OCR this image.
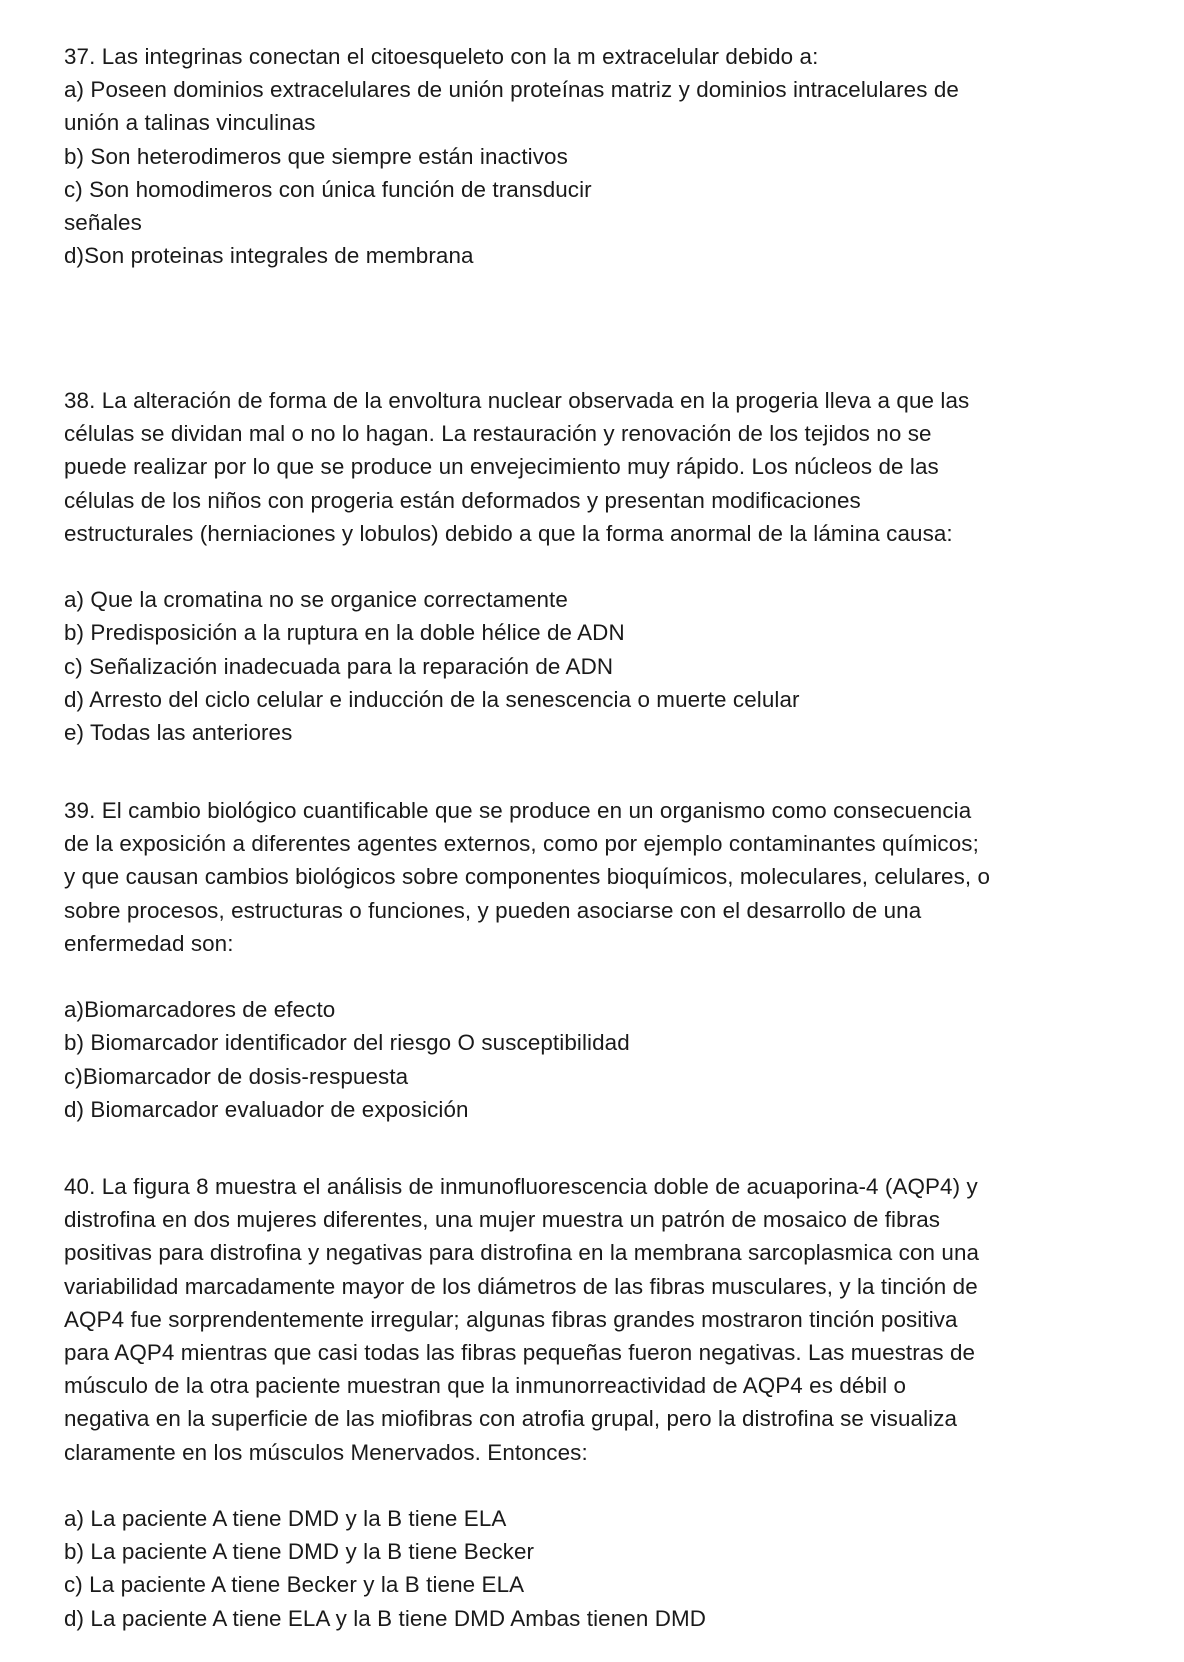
37. Las integrinas conectan el citoesqueleto con la m extracelular debido a:
a) Poseen dominios extracelulares de unión proteínas matriz y dominios intracelulares de
unión a talinas vinculinas
b) Son heterodimeros que siempre están inactivos
c) Son homodimeros con única función de transducir
señales
d)Son proteinas integrales de membrana
38. La alteración de forma de la envoltura nuclear observada en la progeria lleva a que las
células se dividan mal o no lo hagan. La restauración y renovación de los tejidos no se
puede realizar por lo que se produce un envejecimiento muy rápido. Los núcleos de las
células de los niños con progeria están deformados y presentan modificaciones
estructurales (herniaciones y lobulos) debido a que la forma anormal de la lámina causa:
a) Que la cromatina no se organice correctamente
b) Predisposición a la ruptura en la doble hélice de ADN
c) Señalización inadecuada para la reparación de ADN
d) Arresto del ciclo celular e inducción de la senescencia o muerte celular
e) Todas las anteriores
39. El cambio biológico cuantificable que se produce en un organismo como consecuencia
de la exposición a diferentes agentes externos, como por ejemplo contaminantes químicos;
y que causan cambios biológicos sobre componentes bioquímicos, moleculares, celulares, o
sobre procesos, estructuras o funciones, y pueden asociarse con el desarrollo de una
enfermedad son:
a)Biomarcadores de efecto
b) Biomarcador identificador del riesgo O susceptibilidad
c)Biomarcador de dosis-respuesta
d) Biomarcador evaluador de exposición
40. La figura 8 muestra el análisis de inmunofluorescencia doble de acuaporina-4 (AQP4) y
distrofina en dos mujeres diferentes, una mujer muestra un patrón de mosaico de fibras
positivas para distrofina y negativas para distrofina en la membrana sarcoplasmica con una
variabilidad marcadamente mayor de los diámetros de las fibras musculares, y la tinción de
AQP4 fue sorprendentemente irregular; algunas fibras grandes mostraron tinción positiva
para AQP4 mientras que casi todas las fibras pequeñas fueron negativas. Las muestras de
músculo de la otra paciente muestran que la inmunorreactividad de AQP4 es débil o
negativa en la superficie de las miofibras con atrofia grupal, pero la distrofina se visualiza
claramente en los músculos Menervados. Entonces:
a) La paciente A tiene DMD y la B tiene ELA
b) La paciente A tiene DMD y la B tiene Becker
c) La paciente A tiene Becker y la B tiene ELA
d) La paciente A tiene ELA y la B tiene DMD Ambas tienen DMD
